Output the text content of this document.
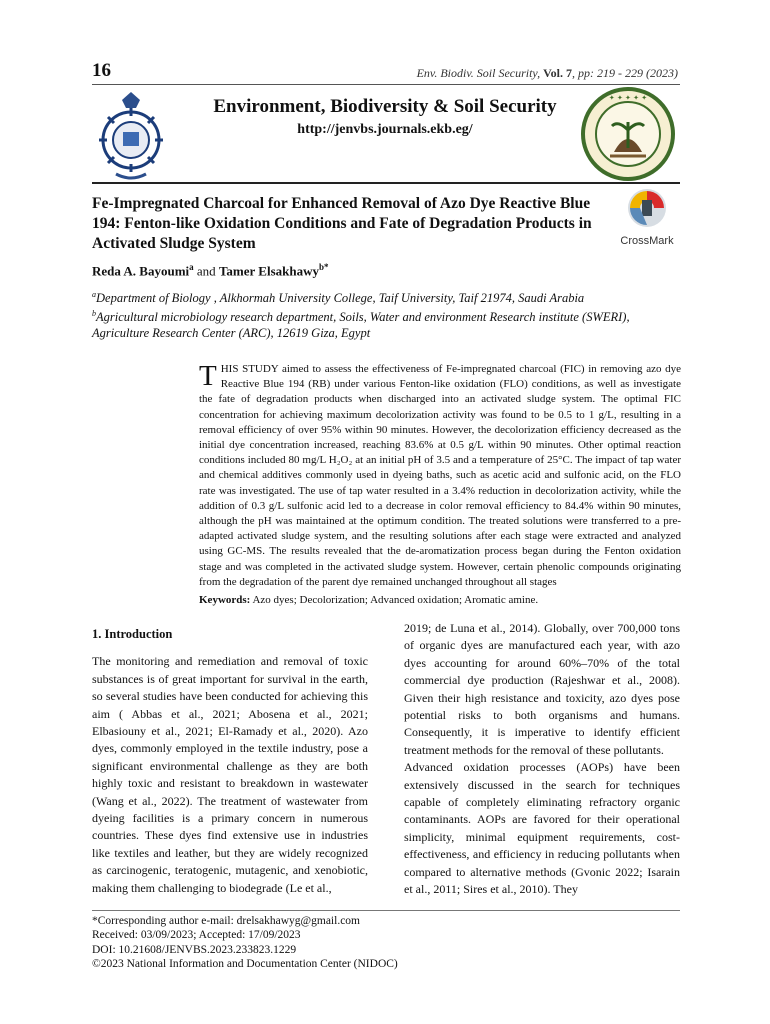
16	Env. Biodiv. Soil Security, Vol. 7, pp: 219 - 229 (2023)
Environment, Biodiversity & Soil Security
http://jenvbs.journals.ekb.eg/
✦ ✦ ✦ ✦ ✦
Fe-Impregnated Charcoal for Enhanced Removal of Azo Dye Reactive Blue 194: Fenton-like Oxidation Conditions and Fate of Degradation Products in Activated Sludge System	CrossMark
Reda A. Bayoumi$^a$ and Tamer Elsakhawy$^{b*}$
$^a$Department of Biology , Alkhormah University College, Taif University, Taif 21974, Saudi Arabia
$^b$Agricultural microbiology research department, Soils, Water and environment Research institute (SWERI), Agriculture Research Center (ARC), 12619 Giza, Egypt
THIS STUDY aimed to assess the effectiveness of Fe-impregnated charcoal (FIC) in removing azo dye Reactive Blue 194 (RB) under various Fenton-like oxidation (FLO) conditions, as well as investigate the fate of degradation products when discharged into an activated sludge system. The optimal FIC concentration for achieving maximum decolorization activity was found to be 0.5 to 1 g/L, resulting in a removal efficiency of over 95% within 90 minutes. However, the decolorization efficiency decreased as the initial dye concentration increased, reaching 83.6% at 0.5 g/L within 90 minutes. Other optimal reaction conditions included 80 mg/L H₂O₂ at an initial pH of 3.5 and a temperature of 25°C. The impact of tap water and chemical additives commonly used in dyeing baths, such as acetic acid and sulfonic acid, on the FLO rate was investigated. The use of tap water resulted in a 3.4% reduction in decolorization activity, while the addition of 0.3 g/L sulfonic acid led to a decrease in color removal efficiency to 84.4% within 90 minutes, although the pH was maintained at the optimum condition. The treated solutions were transferred to a pre-adapted activated sludge system, and the resulting solutions after each stage were extracted and analyzed using GC-MS. The results revealed that the de-aromatization process began during the Fenton oxidation stage and was completed in the activated sludge system. However, certain phenolic compounds originating from the degradation of the parent dye remained unchanged throughout all stages
Keywords: Azo dyes; Decolorization; Advanced oxidation; Aromatic amine.
1. Introduction

The monitoring and remediation and removal of toxic substances is of great important for survival in the earth, so several studies have been conducted for achieving this aim ( Abbas et al., 2021; Abosena et al., 2021; Elbasiouny et al., 2021; El-Ramady et al., 2020). Azo dyes, commonly employed in the textile industry, pose a significant environmental challenge as they are both highly toxic and resistant to breakdown in wastewater (Wang et al., 2022). The treatment of wastewater from dyeing facilities is a primary concern in numerous countries. These dyes find extensive use in industries like textiles and leather, but they are widely recognized as carcinogenic, teratogenic, mutagenic, and xenobiotic, making them challenging to biodegrade (Le et al.,

2019; de Luna et al., 2014). Globally, over 700,000 tons of organic dyes are manufactured each year, with azo dyes accounting for around 60%–70% of the total commercial dye production (Rajeshwar et al., 2008). Given their high resistance and toxicity, azo dyes pose potential risks to both organisms and humans. Consequently, it is imperative to identify efficient treatment methods for the removal of these pollutants.

Advanced oxidation processes (AOPs) have been extensively discussed in the search for techniques capable of completely eliminating refractory organic contaminants. AOPs are favored for their operational simplicity, minimal equipment requirements, cost-effectiveness, and efficiency in reducing pollutants when compared to alternative methods (Gvonic 2022; Isarain et al., 2011; Sires et al., 2010). They

*Corresponding author e-mail: drelsakhawyg@gmail.com
Received: 03/09/2023; Accepted: 17/09/2023
DOI: 10.21608/JENVBS.2023.233823.1229
©2023 National Information and Documentation Center (NIDOC)
